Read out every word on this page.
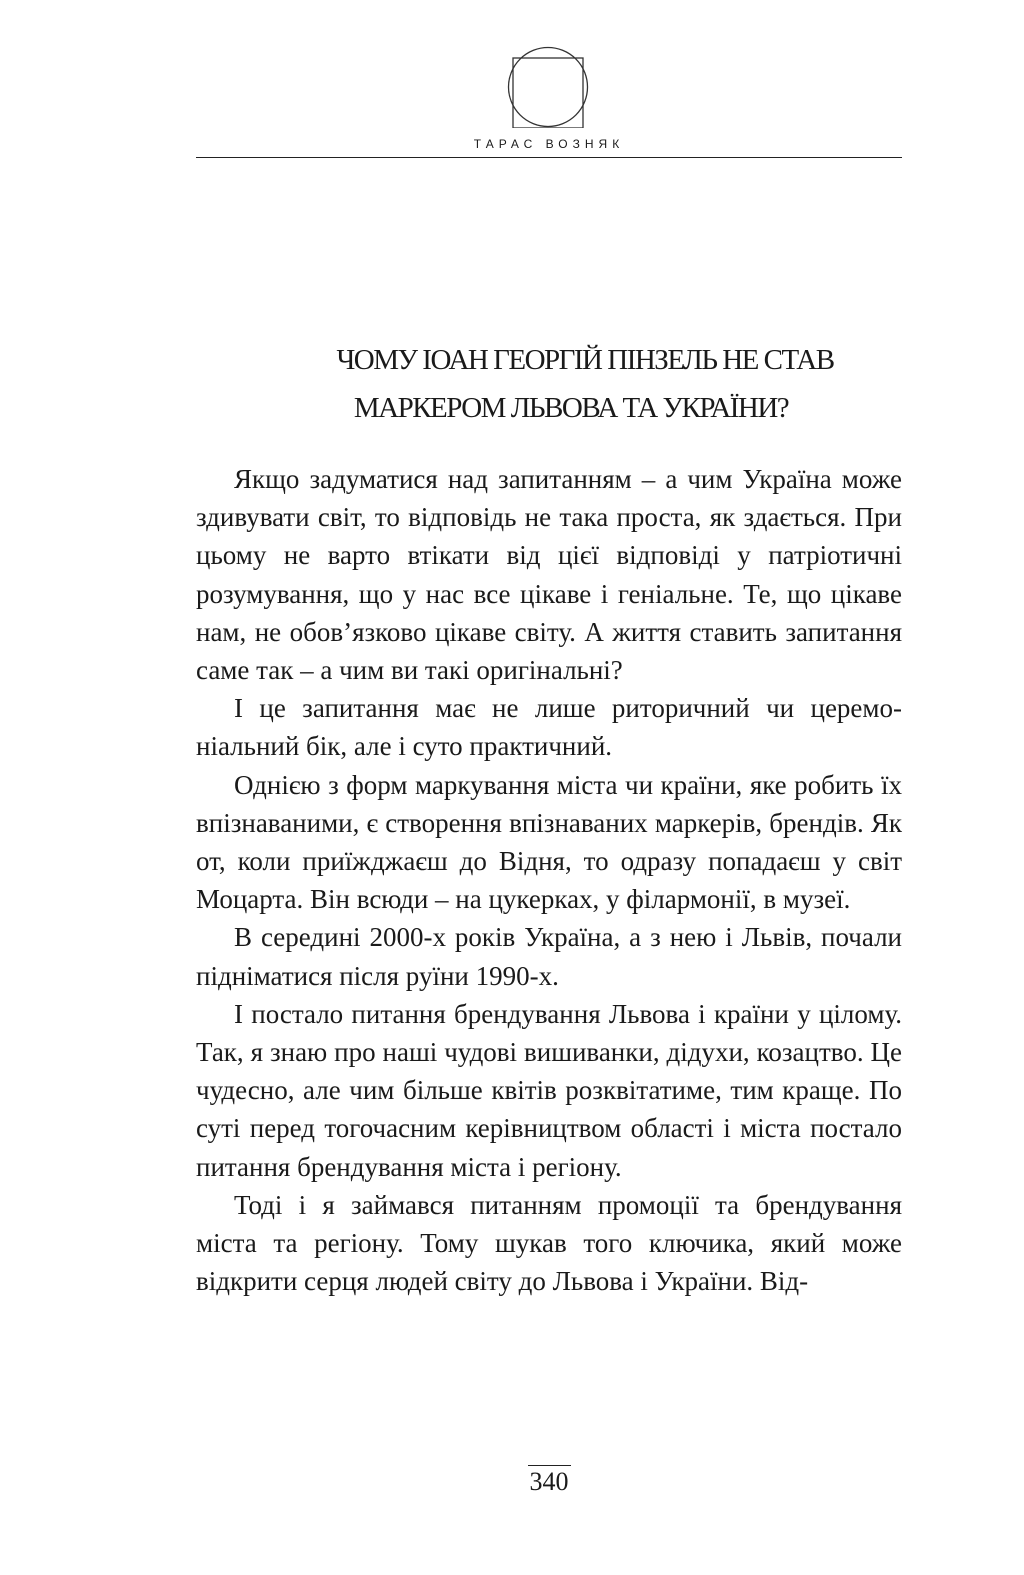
ТАРАС ВОЗНЯК
ЧОМУ ІОАН ГЕОРГІЙ ПІНЗЕЛЬ НЕ СТАВ
МАРКЕРОМ ЛЬВОВА ТА УКРАЇНИ?

Якщо задуматися над запитанням – а чим Україна може здивувати світ, то відповідь не така проста, як здається. При цьому не варто втікати від цієї відповіді у патріотичні розумування, що у нас все цікаве і геніальне. Те, що цікаве нам, не обов’язково цікаве світу. А життя ставить запитання саме так – а чим ви такі оригінальні?

І це запитання має не лише риторичний чи церемоніальний бік, але і суто практичний.

Однією з форм маркування міста чи країни, яке робить їх впізнаваними, є створення впізнаваних маркерів, брендів. Як от, коли приїжджаєш до Відня, то одразу попадаєш у світ Моцарта. Він всюди – на цукерках, у філармонії, в музеї.

В середині 2000-х років Україна, а з нею і Львів, почали підніматися після руїни 1990-х.

І постало питання брендування Львова і країни у цілому. Так, я знаю про наші чудові вишиванки, дідухи, козацтво. Це чудесно, але чим більше квітів розквітатиме, тим краще. По суті перед тогочасним керівництвом області і міста постало питання брендування міста і регіону.

Тоді і я займався питанням промоції та брендування міста та регіону. Тому шукав того ключика, який може відкрити серця людей світу до Львова і України. Від-

340
